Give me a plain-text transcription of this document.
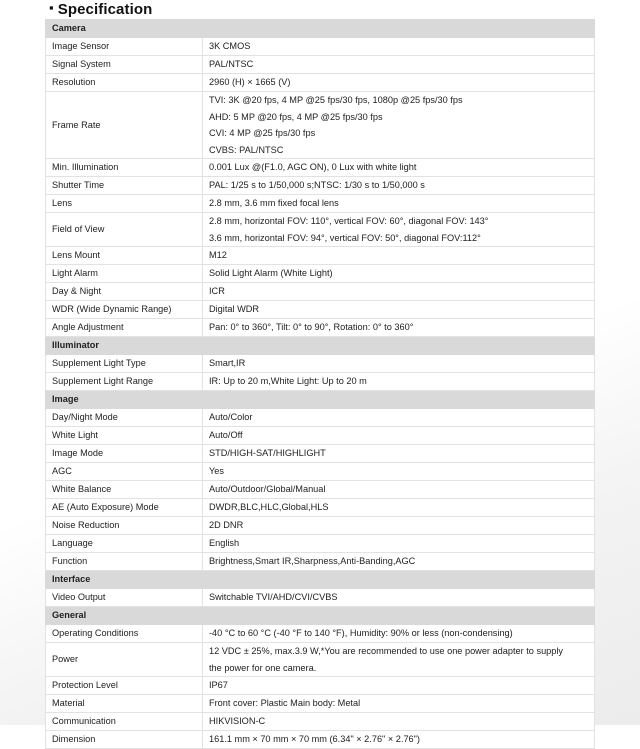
▪ Specification
Camera	
Image Sensor	3K CMOS
Signal System	PAL/NTSC
Resolution	2960 (H) × 1665 (V)
Frame Rate	TVI: 3K @20 fps, 4 MP @25 fps/30 fps, 1080p @25 fps/30 fps
AHD: 5 MP @20 fps, 4 MP @25 fps/30 fps
CVI: 4 MP @25 fps/30 fps
CVBS: PAL/NTSC

Min. Illumination	0.001 Lux @(F1.0, AGC ON), 0 Lux with white light
Shutter Time	PAL: 1/25 s to 1/50,000 s;NTSC: 1/30 s to 1/50,000 s
Lens	2.8 mm, 3.6 mm fixed focal lens
Field of View	2.8 mm, horizontal FOV: 110°, vertical FOV: 60°, diagonal FOV: 143°
3.6 mm, horizontal FOV: 94°, vertical FOV: 50°, diagonal FOV:112°

Lens Mount	M12
Light Alarm	Solid Light Alarm (White Light)
Day & Night	ICR
WDR (Wide Dynamic Range)	Digital WDR
Angle Adjustment	Pan: 0° to 360°, Tilt: 0° to 90°, Rotation: 0° to 360°
Illuminator	
Supplement Light Type	Smart,IR
Supplement Light Range	IR: Up to 20 m,White Light: Up to 20 m
Image	
Day/Night Mode	Auto/Color
White Light	Auto/Off
Image Mode	STD/HIGH-SAT/HIGHLIGHT
AGC	Yes
White Balance	Auto/Outdoor/Global/Manual
AE (Auto Exposure) Mode	DWDR,BLC,HLC,Global,HLS
Noise Reduction	2D DNR
Language	English
Function	Brightness,Smart IR,Sharpness,Anti-Banding,AGC
Interface	
Video Output	Switchable TVI/AHD/CVI/CVBS
General	
Operating Conditions	-40 °C to 60 °C (-40 °F to 140 °F), Humidity: 90% or less (non-condensing)
Power	12 VDC ± 25%, max.3.9 W,*You are recommended to use one power adapter to supply
the power for one camera.

Protection Level	IP67
Material	Front cover: Plastic Main body: Metal
Communication	HIKVISION-C
Dimension	161.1 mm × 70 mm × 70 mm (6.34" × 2.76" × 2.76")
